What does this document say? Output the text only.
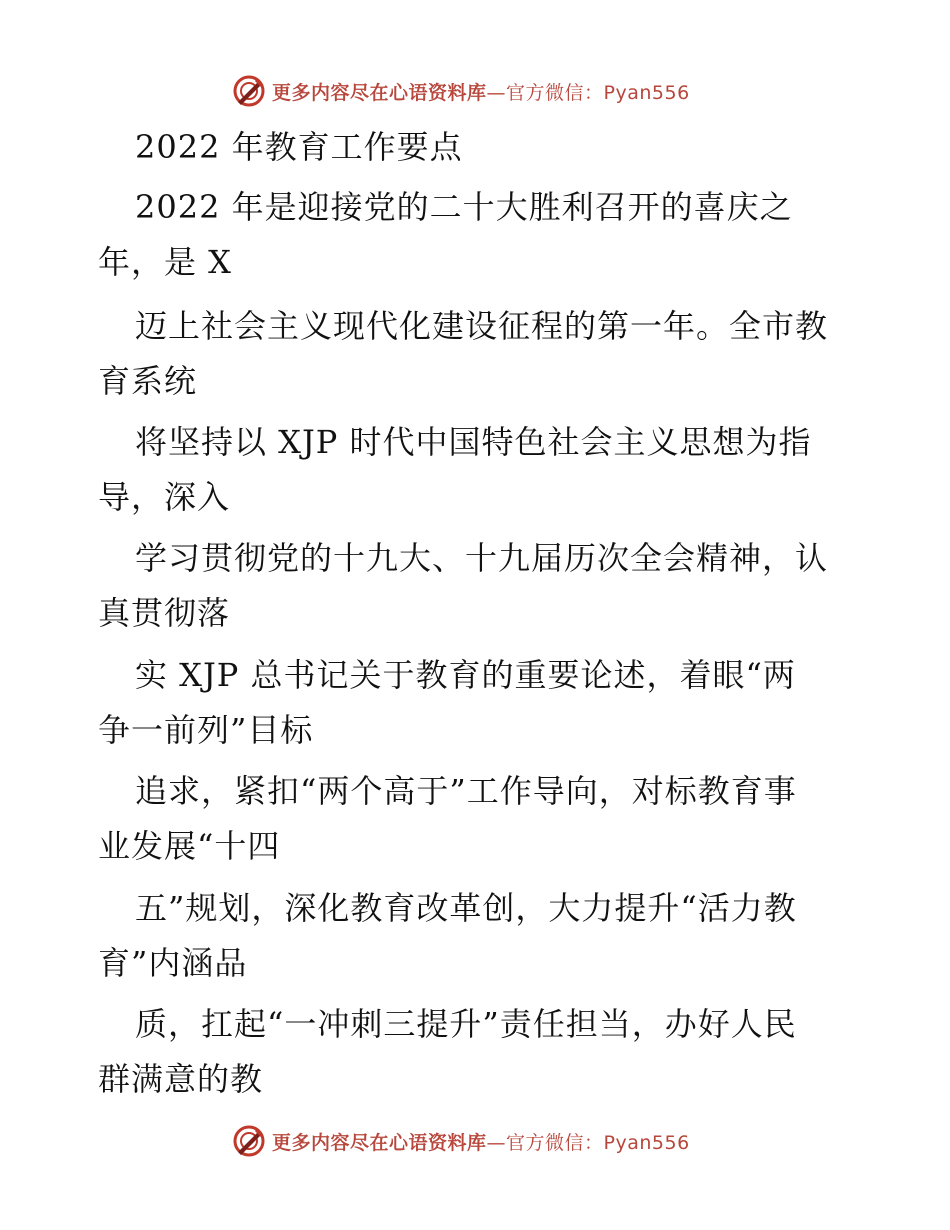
更多内容尽在心语资料库—官方微信：Pyan556
2022 年教育工作要点
2022 年是迎接党的二十大胜利召开的喜庆之
年，是 X
迈上社会主义现代化建设征程的第一年。全市教
育系统
将坚持以 XJP 时代中国特色社会主义思想为指
导，深入
学习贯彻党的十九大、十九届历次全会精神，认
真贯彻落
实 XJP 总书记关于教育的重要论述，着眼“两
争一前列”目标
追求，紧扣“两个高于”工作导向，对标教育事
业发展“十四
五”规划，深化教育改革创，大力提升“活力教
育”内涵品
质，扛起“一冲刺三提升”责任担当，办好人民
群满意的教
更多内容尽在心语资料库—官方微信：Pyan556
